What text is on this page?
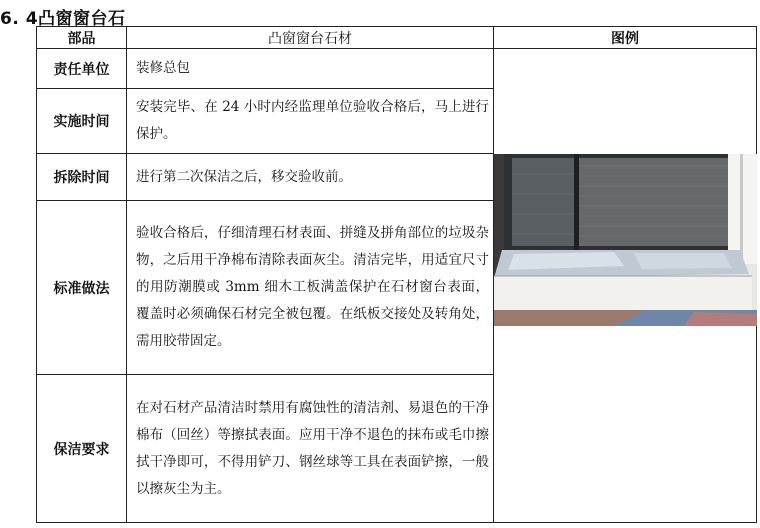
6. 4凸窗窗台石
部品	凸窗窗台石材	图例
责任单位	装修总包	

实施时间	安装完毕、在 24 小时内经监理单位验收合格后，马上进行保护。	
拆除时间	进行第二次保洁之后，移交验收前。	
标准做法	验收合格后，仔细清理石材表面、拼缝及拼角部位的垃圾杂物，之后用干净棉布清除表面灰尘。清洁完毕，用适宜尺寸的用防潮膜或 3mm 细木工板满盖保护在石材窗台表面，覆盖时必须确保石材完全被包覆。在纸板交接处及转角处，需用胶带固定。	
保洁要求	在对石材产品清洁时禁用有腐蚀性的清洁剂、易退色的干净棉布（回丝）等擦拭表面。应用干净不退色的抹布或毛巾擦拭干净即可，不得用铲刀、钢丝球等工具在表面铲擦，一般以擦灰尘为主。	
